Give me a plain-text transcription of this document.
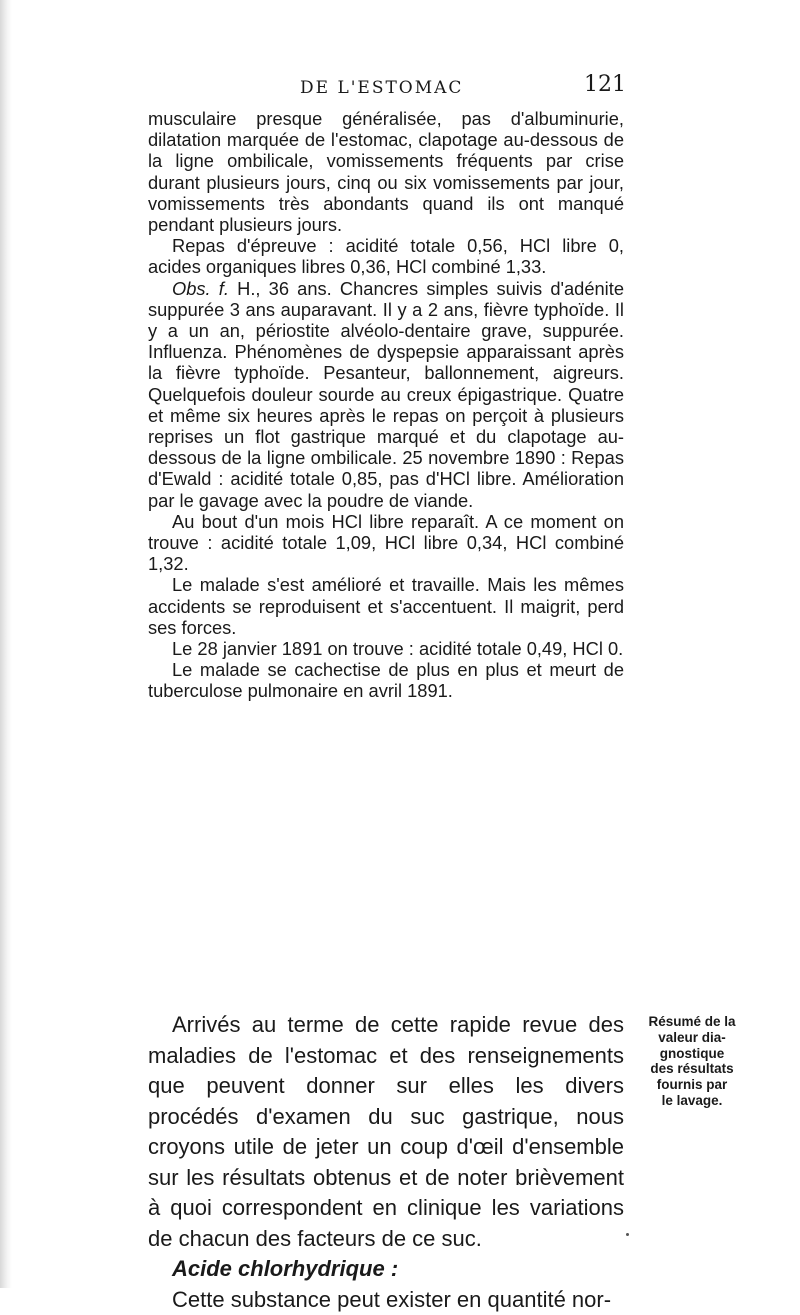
DE L'ESTOMAC	121

musculaire presque généralisée, pas d'albuminurie, dilatation marquée de l'estomac, clapotage au-dessous de la ligne ombilicale, vomissements fréquents par crise durant plusieurs jours, cinq ou six vomissements par jour, vomissements très abondants quand ils ont manqué pendant plusieurs jours.

Repas d'épreuve : acidité totale 0,56, HCl libre 0, acides organiques libres 0,36, HCl combiné 1,33.

Obs. f. H., 36 ans. Chancres simples suivis d'adénite suppurée 3 ans auparavant. Il y a 2 ans, fièvre typhoïde. Il y a un an, périostite alvéolo-dentaire grave, suppurée. Influenza. Phénomènes de dyspepsie apparaissant après la fièvre typhoïde. Pesanteur, ballonnement, aigreurs. Quelquefois douleur sourde au creux épigastrique. Quatre et même six heures après le repas on perçoit à plusieurs reprises un flot gastrique marqué et du clapotage au-dessous de la ligne ombilicale. 25 novembre 1890 : Repas d'Ewald : acidité totale 0,85, pas d'HCl libre. Amélioration par le gavage avec la poudre de viande.

Au bout d'un mois HCl libre reparaît. A ce moment on trouve : acidité totale 1,09, HCl libre 0,34, HCl combiné 1,32.

Le malade s'est amélioré et travaille. Mais les mêmes accidents se reproduisent et s'accentuent. Il maigrit, perd ses forces.

Le 28 janvier 1891 on trouve : acidité totale 0,49, HCl 0.

Le malade se cachectise de plus en plus et meurt de tuberculose pulmonaire en avril 1891.

Arrivés au terme de cette rapide revue des maladies de l'estomac et des renseignements que peuvent donner sur elles les divers procédés d'examen du suc gastrique, nous croyons utile de jeter un coup d'œil d'ensemble sur les résultats obtenus et de noter brièvement à quoi correspondent en clinique les variations de chacun des facteurs de ce suc.

Acide chlorhydrique :

Cette substance peut exister en quantité nor-

Résumé de la
valeur dia-
gnostique
des résultats
fournis par
le lavage.
